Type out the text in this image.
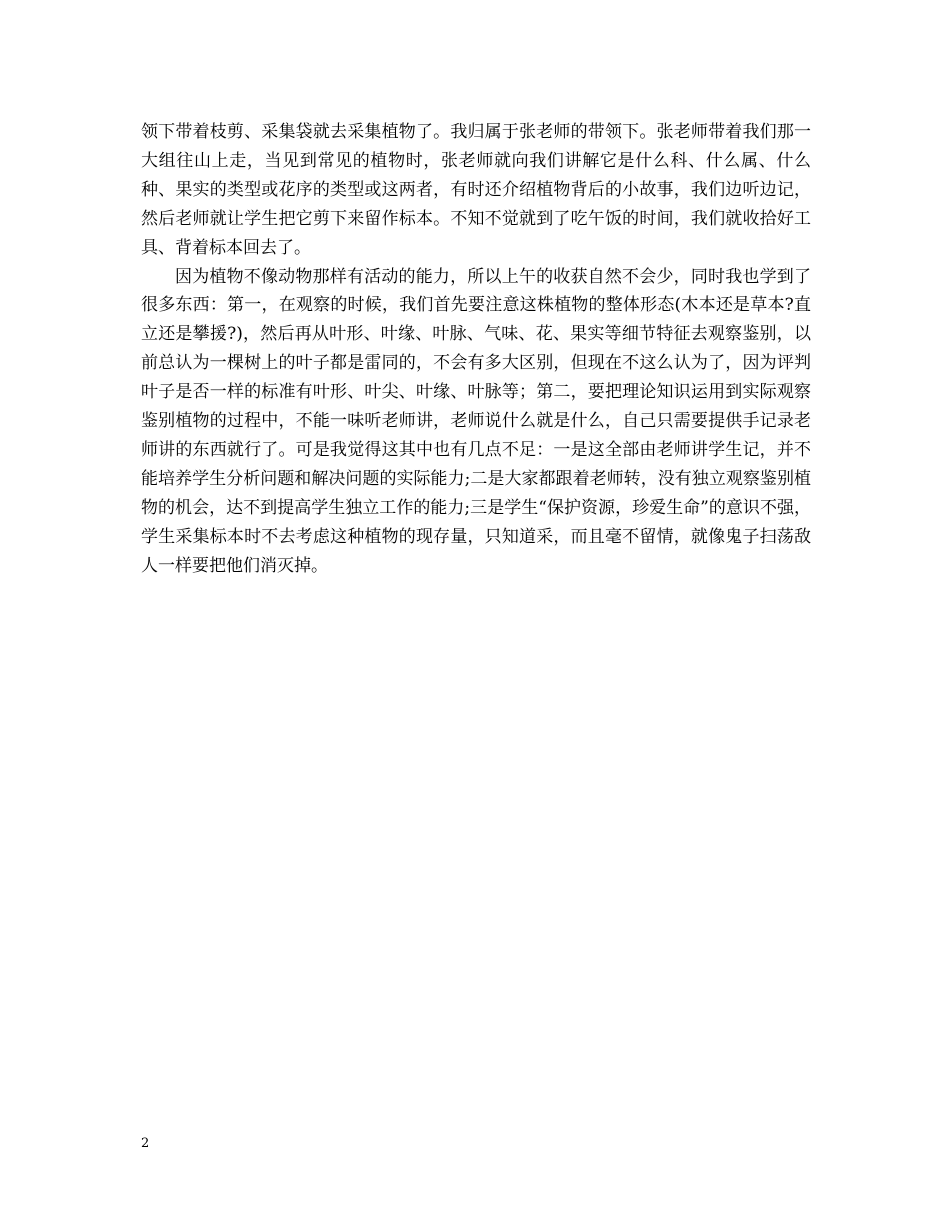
领下带着枝剪、采集袋就去采集植物了。我归属于张老师的带领下。张老师带着我们那一大组往山上走，当见到常见的植物时，张老师就向我们讲解它是什么科、什么属、什么种、果实的类型或花序的类型或这两者，有时还介绍植物背后的小故事，我们边听边记，然后老师就让学生把它剪下来留作标本。不知不觉就到了吃午饭的时间，我们就收拾好工具、背着标本回去了。

因为植物不像动物那样有活动的能力，所以上午的收获自然不会少，同时我也学到了很多东西：第一，在观察的时候，我们首先要注意这株植物的整体形态(木本还是草本?直立还是攀援?)，然后再从叶形、叶缘、叶脉、气味、花、果实等细节特征去观察鉴别，以前总认为一棵树上的叶子都是雷同的，不会有多大区别，但现在不这么认为了，因为评判叶子是否一样的标准有叶形、叶尖、叶缘、叶脉等；第二，要把理论知识运用到实际观察鉴别植物的过程中，不能一味听老师讲，老师说什么就是什么，自己只需要提供手记录老师讲的东西就行了。可是我觉得这其中也有几点不足：一是这全部由老师讲学生记，并不能培养学生分析问题和解决问题的实际能力;二是大家都跟着老师转，没有独立观察鉴别植物的机会，达不到提高学生独立工作的能力;三是学生“保护资源，珍爱生命”的意识不强，学生采集标本时不去考虑这种植物的现存量，只知道采，而且毫不留情，就像鬼子扫荡敌人一样要把他们消灭掉。

2
